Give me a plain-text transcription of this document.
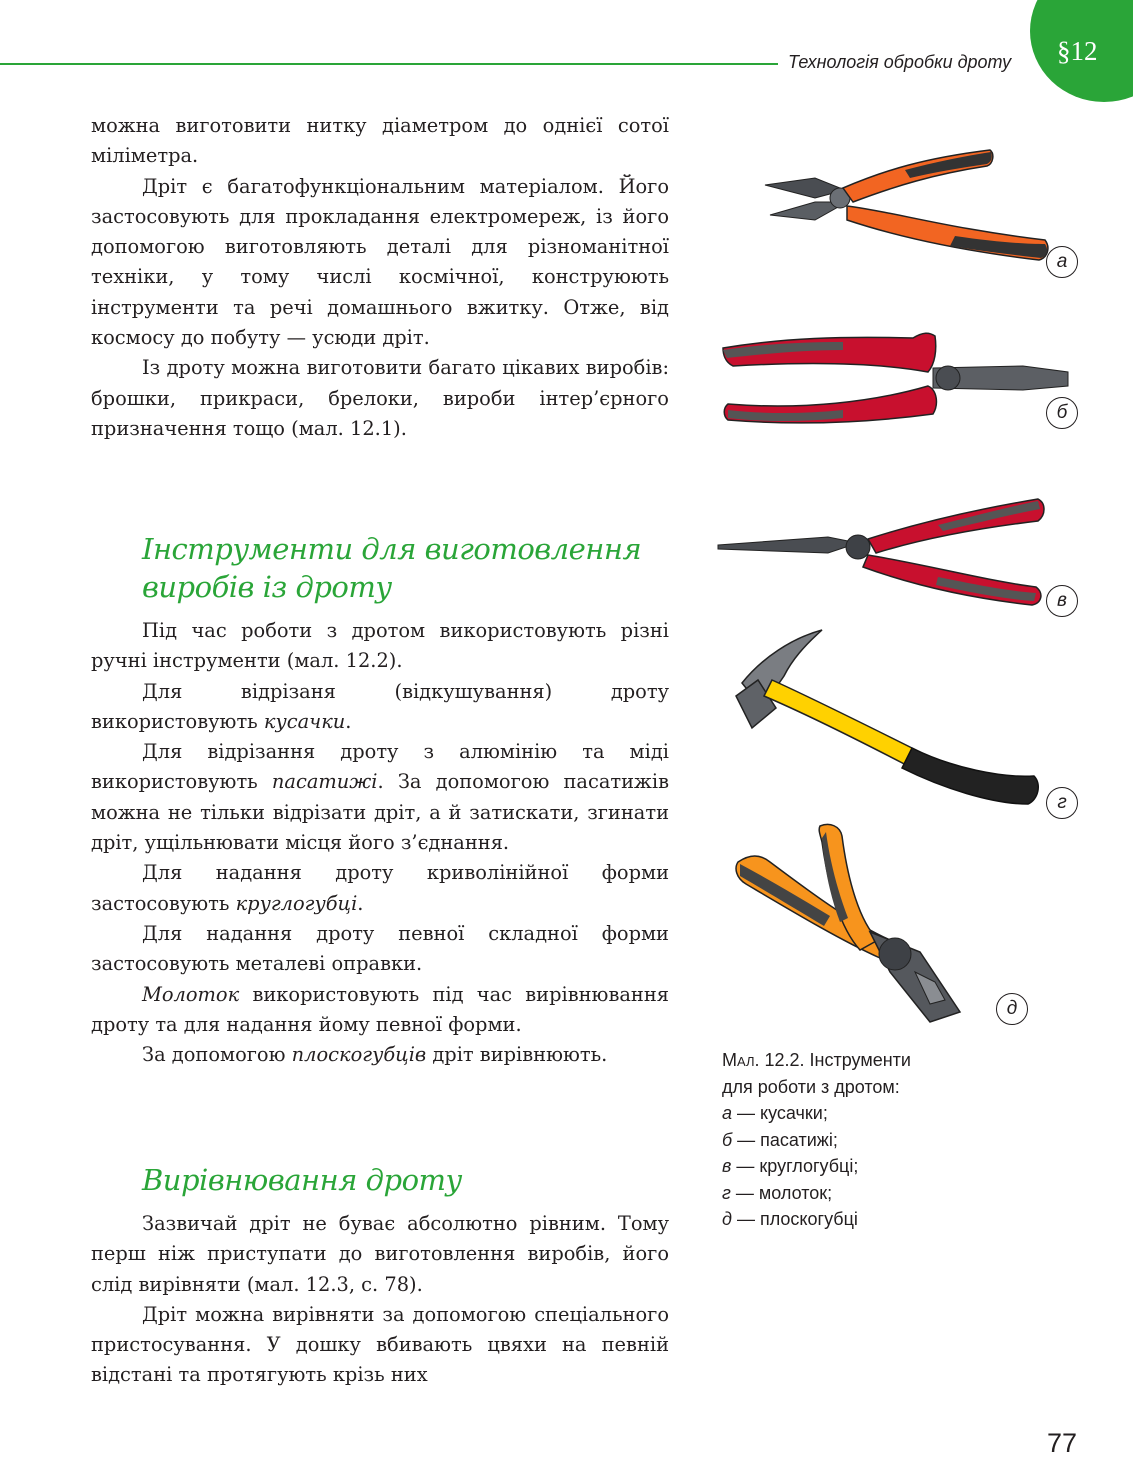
Технологія обробки дроту §12

можна виготовити нитку діаметром до однієї сотої міліметра.

Дріт є багатофункціональним матеріалом. Його застосовують для прокладання електромереж, із його допомогою виготовляють деталі для різноманітної техніки, у тому числі космічної, конструюють інструменти та речі домашнього вжитку. Отже, від космосу до побуту — усюди дріт.

Із дроту можна виготовити багато цікавих виробів: брошки, прикраси, брелоки, вироби інтер’єрного призначення тощо (мал. 12.1).

Інструменти для виготовлення
виробів із дроту

Під час роботи з дротом використовують різні ручні інструменти (мал. 12.2).

Для відрізаня (відкушування) дроту використовують кусачки.

Для відрізання дроту з алюмінію та міді використовують пасатижі. За допомогою пасатижів можна не тільки відрізати дріт, а й затискати, згинати дріт, ущільнювати місця його з’єднання.

Для надання дроту криволінійної форми застосовують круглогубці.

Для надання дроту певної складної форми застосовують металеві оправки.

Молоток використовують під час вирівнювання дроту та для надання йому певної форми.

За допомогою плоскогубців дріт вирівнюють.

Вирівнювання дроту

Зазвичай дріт не буває абсолютно рівним. Тому перш ніж приступати до виготовлення виробів, його слід вирівняти (мал. 12.3, с. 78).

Дріт можна вирівняти за допомогою спеціального пристосування. У дошку вбивають цвяхи на певній відстані та протягують крізь них

а
б
в
г
д
Мал. 12.2. Інструменти
для роботи з дротом:
а — кусачки;
б — пасатижі;
в — круглогубці;
г — молоток;
д — плоскогубці
77
